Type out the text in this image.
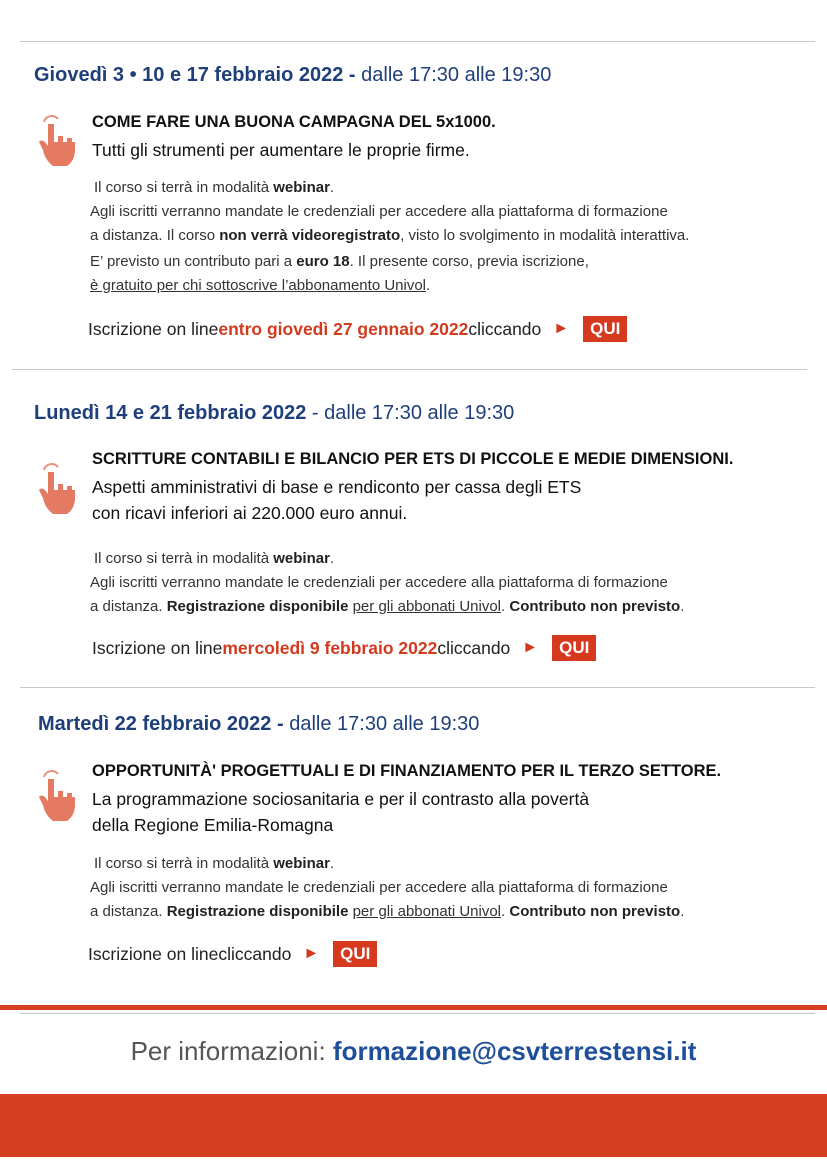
Giovedì 3 • 10 e 17 febbraio 2022 - dalle 17:30 alle 19:30
COME FARE UNA BUONA CAMPAGNA DEL 5x1000.
Tutti gli strumenti per aumentare le proprie firme.
Il corso si terrà in modalità webinar.
Agli iscritti verranno mandate le credenziali per accedere alla piattaforma di formazione
a distanza. Il corso non verrà videoregistrato, visto lo svolgimento in modalità interattiva.
E’ previsto un contributo pari a euro 18. Il presente corso, previa iscrizione,
è gratuito per chi sottoscrive l’abbonamento Univol.
Iscrizione on line entro giovedì 27 gennaio 2022 cliccando ►	QUI
Lunedì 14 e 21 febbraio 2022 - dalle 17:30 alle 19:30
SCRITTURE CONTABILI E BILANCIO PER ETS DI PICCOLE E MEDIE DIMENSIONI.
Aspetti amministrativi di base e rendiconto per cassa degli ETS
con ricavi inferiori ai 220.000 euro annui.
Il corso si terrà in modalità webinar.
Agli iscritti verranno mandate le credenziali per accedere alla piattaforma di formazione
a distanza. Registrazione disponibile per gli abbonati Univol. Contributo non previsto.
Iscrizione on line mercoledì 9 febbraio 2022 cliccando ►	QUI
Martedì 22 febbraio 2022 - dalle 17:30 alle 19:30
OPPORTUNITÀ' PROGETTUALI E DI FINANZIAMENTO PER IL TERZO SETTORE.
La programmazione sociosanitaria e per il contrasto alla povertà
della Regione Emilia-Romagna
Il corso si terrà in modalità webinar.
Agli iscritti verranno mandate le credenziali per accedere alla piattaforma di formazione
a distanza. Registrazione disponibile per gli abbonati Univol. Contributo non previsto.
Iscrizione on line cliccando ►	QUI
Per informazioni: formazione@csvterrestensi.it
